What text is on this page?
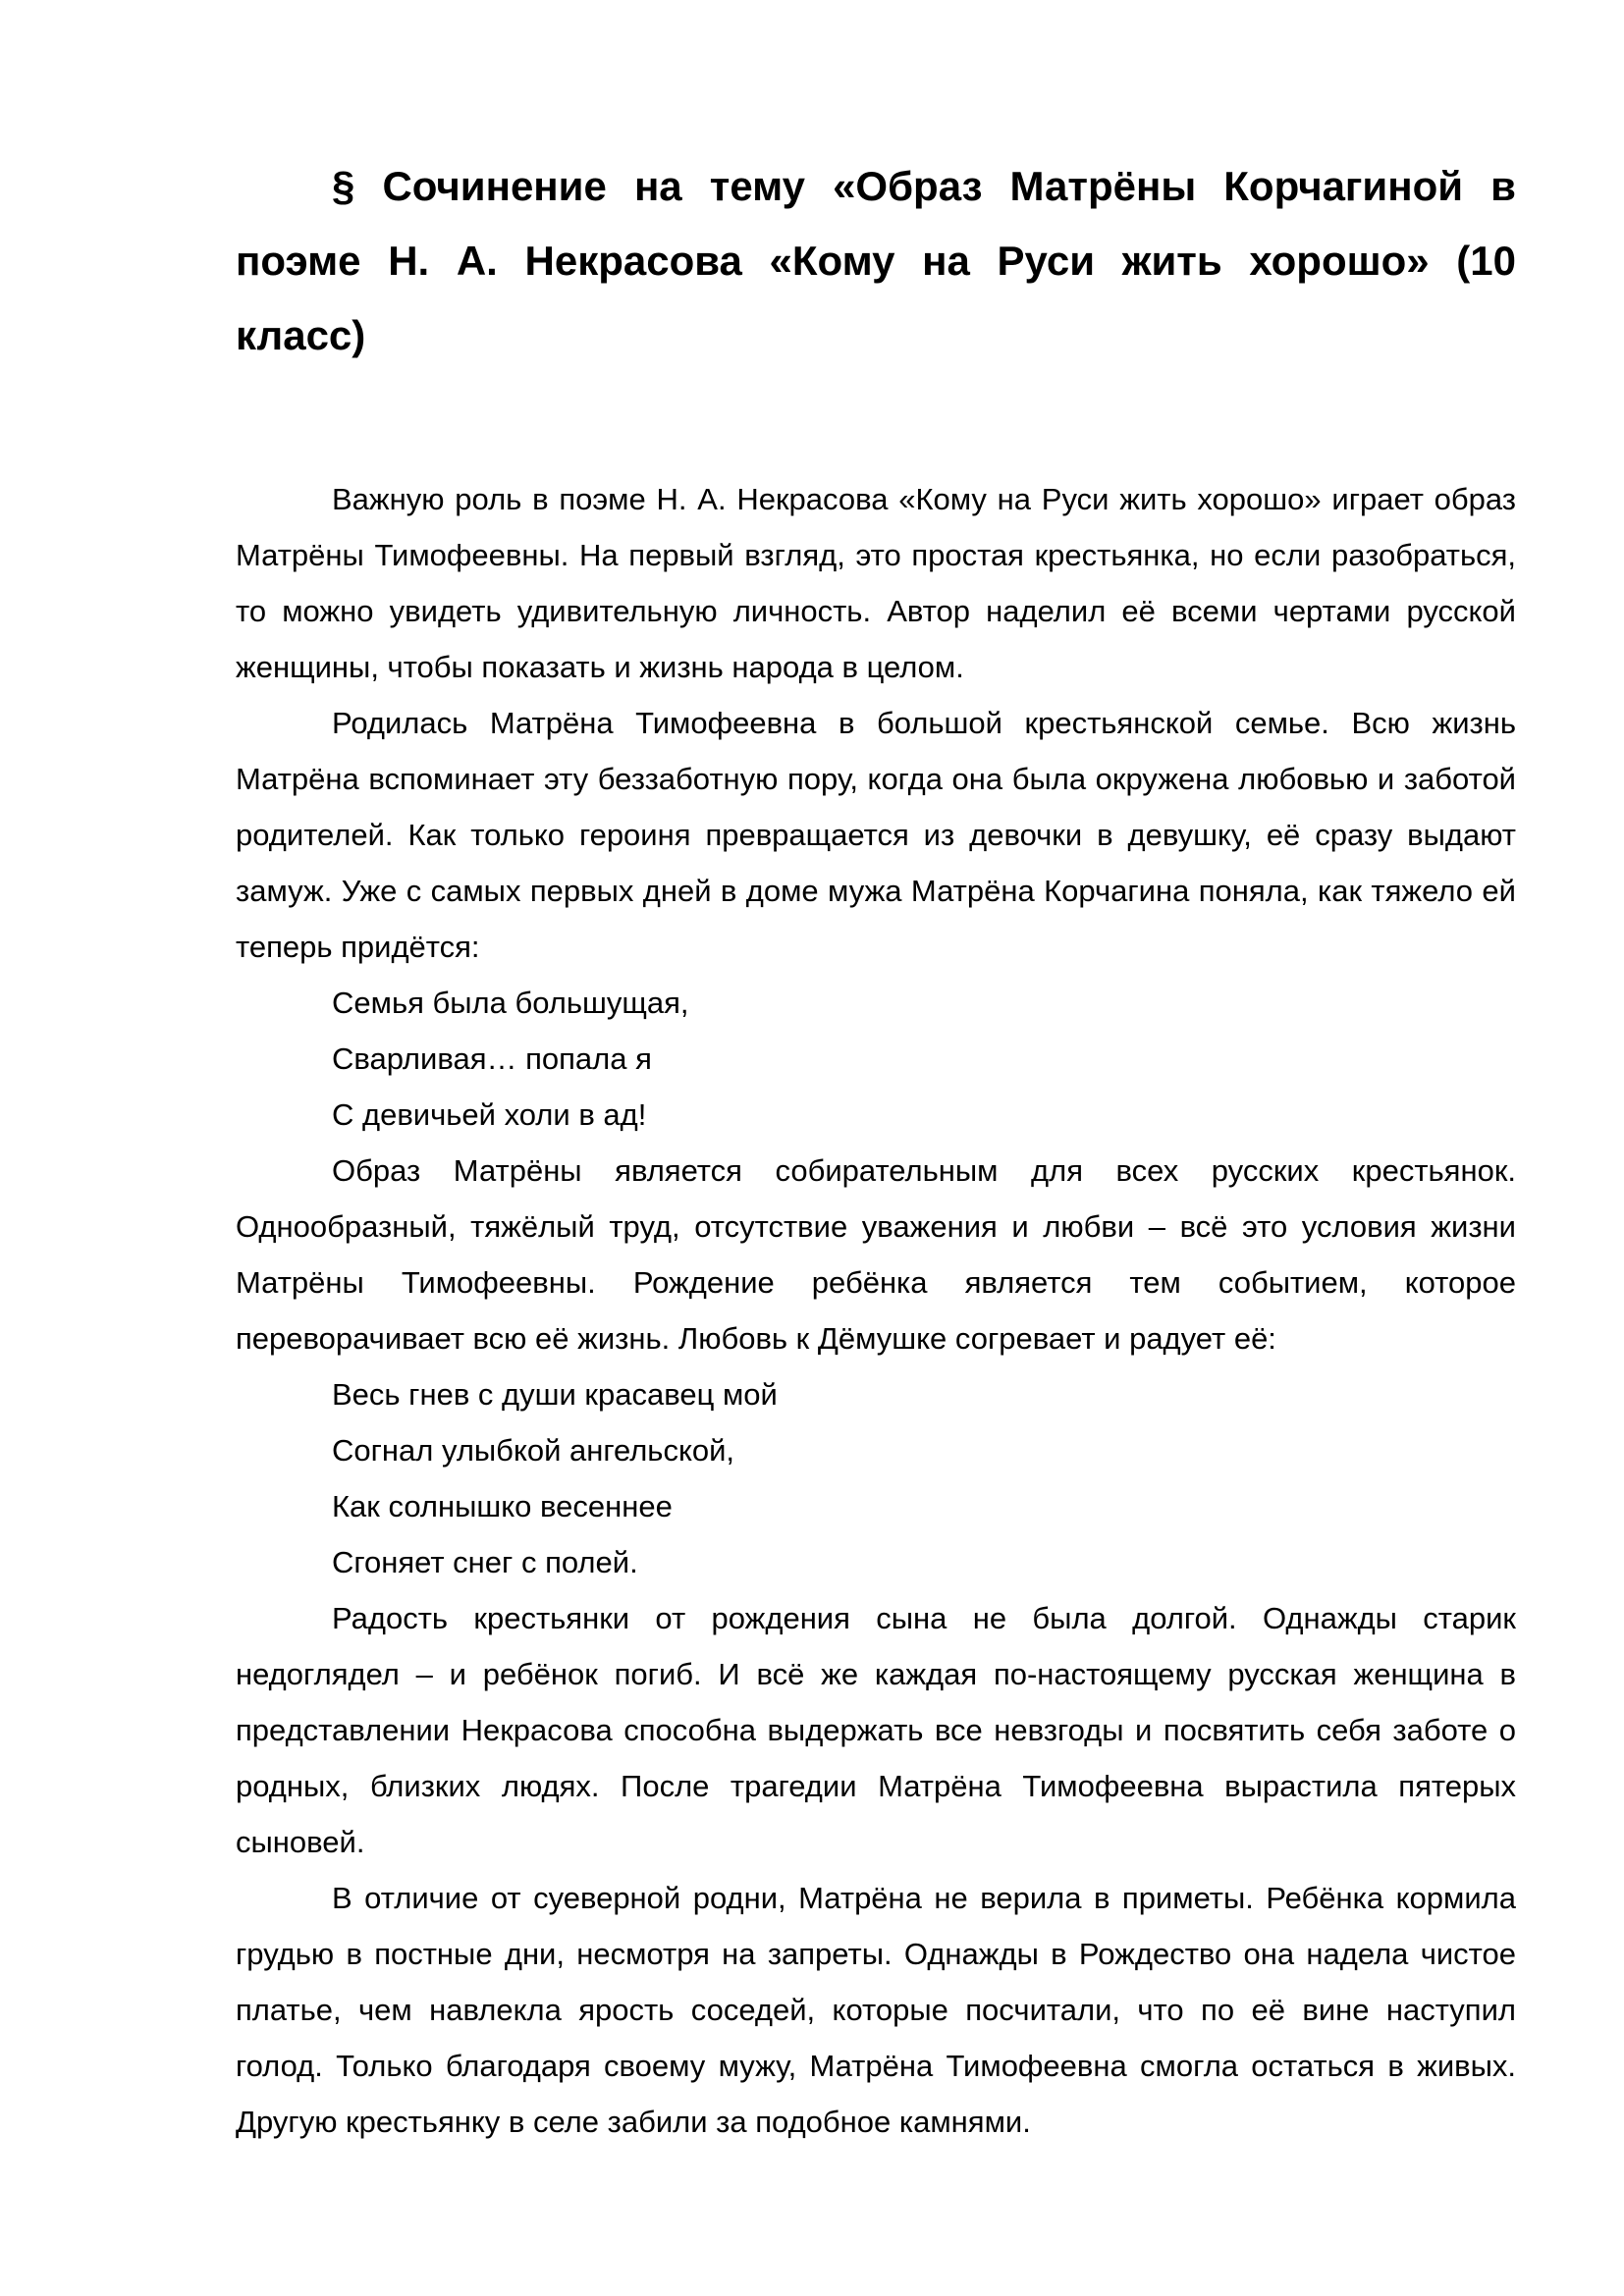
§ Сочинение на тему «Образ Матрёны Корчагиной в поэме Н. А. Некрасова «Кому на Руси жить хорошо» (10 класс)

Важную роль в поэме Н. А. Некрасова «Кому на Руси жить хорошо» играет образ Матрёны Тимофеевны. На первый взгляд, это простая крестьянка, но если разобраться, то можно увидеть удивительную личность. Автор наделил её всеми чертами русской женщины, чтобы показать и жизнь народа в целом.

Родилась Матрёна Тимофеевна в большой крестьянской семье. Всю жизнь Матрёна вспоминает эту беззаботную пору, когда она была окружена любовью и заботой родителей. Как только героиня превращается из девочки в девушку, её сразу выдают замуж. Уже с самых первых дней в доме мужа Матрёна Корчагина поняла, как тяжело ей теперь придётся:

Семья была большущая,
Сварливая… попала я
С девичьей холи в ад!

Образ Матрёны является собирательным для всех русских крестьянок. Однообразный, тяжёлый труд, отсутствие уважения и любви – всё это условия жизни Матрёны Тимофеевны. Рождение ребёнка является тем событием, которое переворачивает всю её жизнь. Любовь к Дёмушке согревает и радует её:

Весь гнев с души красавец мой
Согнал улыбкой ангельской,
Как солнышко весеннее
Сгоняет снег с полей.

Радость крестьянки от рождения сына не была долгой. Однажды старик недоглядел – и ребёнок погиб. И всё же каждая по-настоящему русская женщина в представлении Некрасова способна выдержать все невзгоды и посвятить себя заботе о родных, близких людях. После трагедии Матрёна Тимофеевна вырастила пятерых сыновей.

В отличие от суеверной родни, Матрёна не верила в приметы. Ребёнка кормила грудью в постные дни, несмотря на запреты. Однажды в Рождество она надела чистое платье, чем навлекла ярость соседей, которые посчитали, что по её вине наступил голод. Только благодаря своему мужу, Матрёна Тимофеевна смогла остаться в живых. Другую крестьянку в селе забили за подобное камнями.
